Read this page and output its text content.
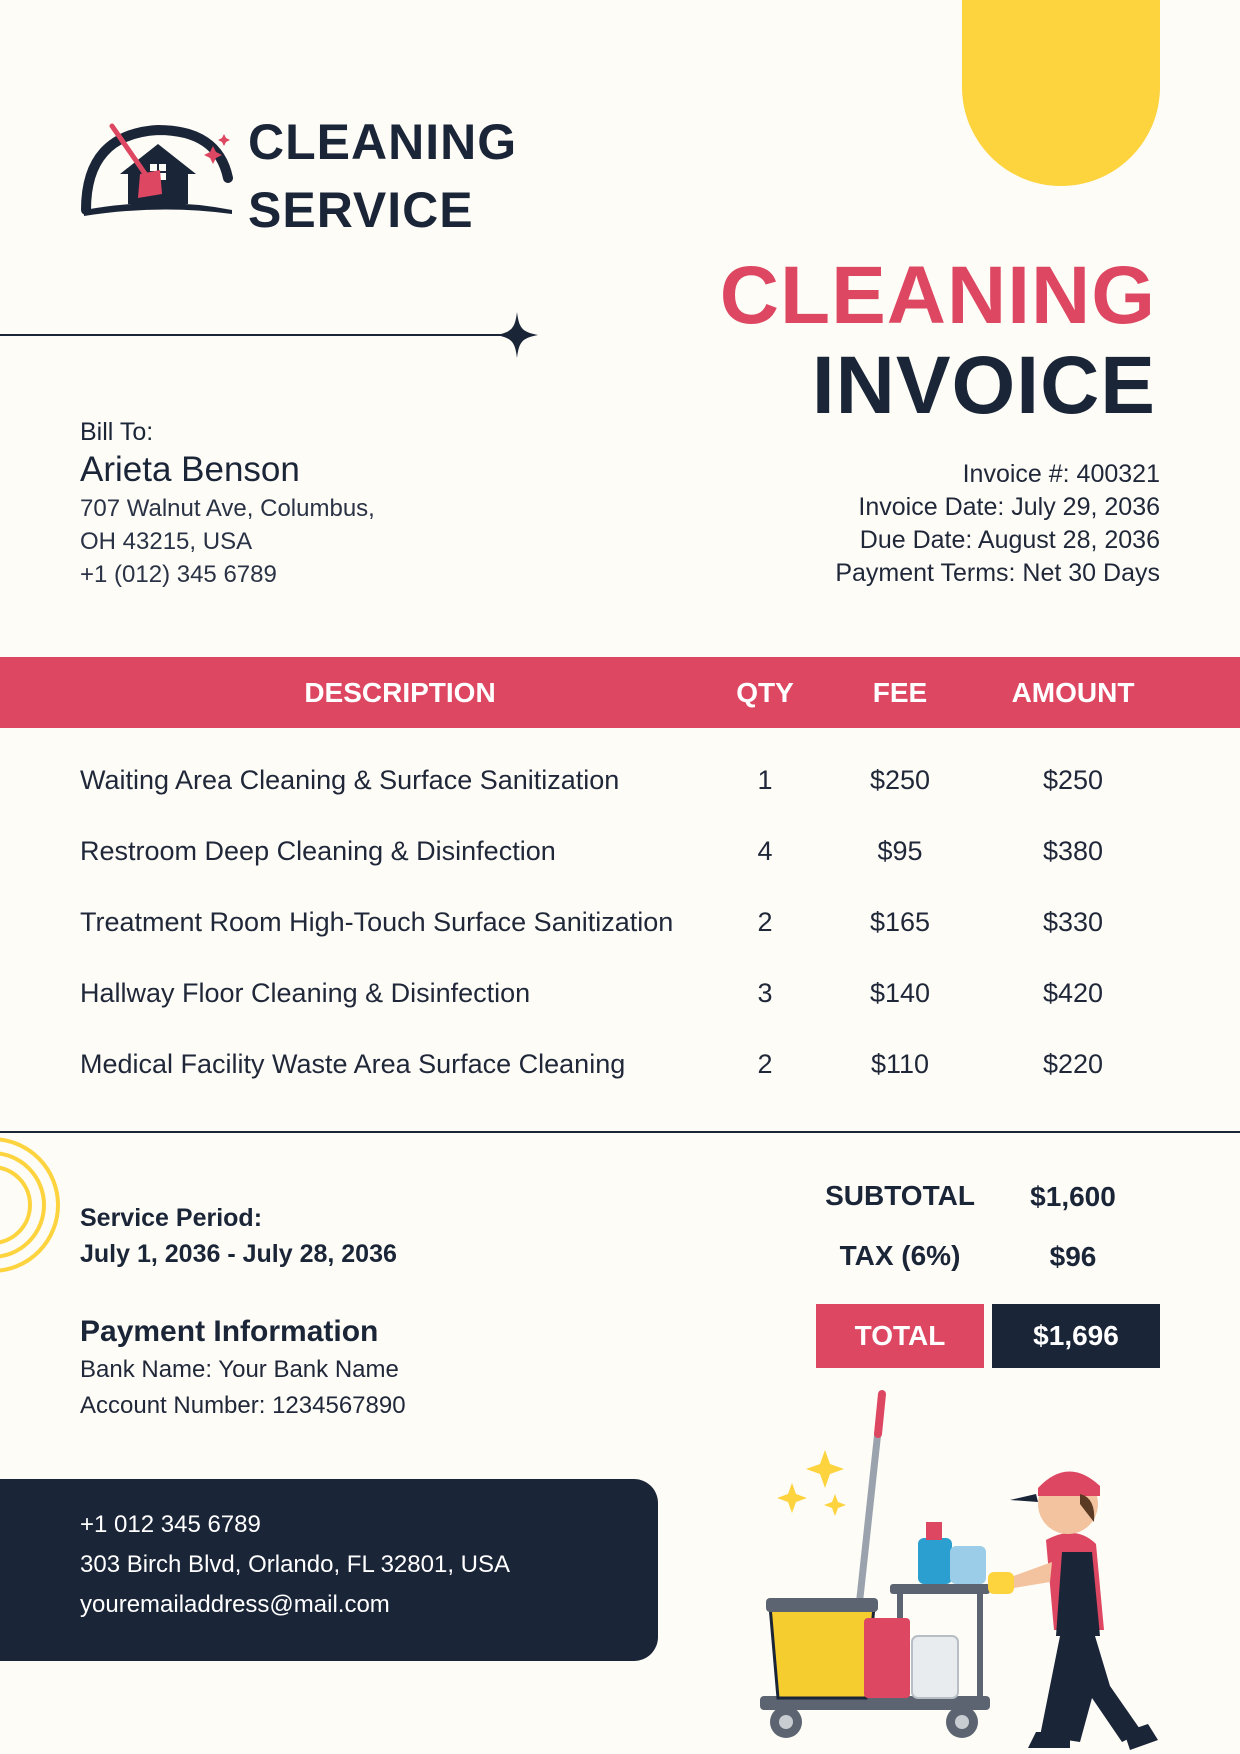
CLEANING
SERVICE
CLEANING
INVOICE
Bill To:
Arieta Benson
707 Walnut Ave, Columbus,
OH 43215, USA
+1 (012) 345 6789
Invoice #: 400321
Invoice Date: July 29, 2036
Due Date: August 28, 2036
Payment Terms: Net 30 Days
DESCRIPTION	QTY	FEE	AMOUNT
Waiting Area Cleaning & Surface Sanitization	1	$250	$250
Restroom Deep Cleaning & Disinfection	4	$95	$380
Treatment Room High-Touch Surface Sanitization	2	$165	$330
Hallway Floor Cleaning & Disinfection	3	$140	$420
Medical Facility Waste Area Surface Cleaning	2	$110	$220
Service Period:
July 1, 2036 - July 28, 2036
Payment Information
Bank Name: Your Bank Name
Account Number: 1234567890
SUBTOTAL	$1,600
TAX (6%)	$96
TOTAL	$1,696
+1 012 345 6789
303 Birch Blvd, Orlando, FL 32801, USA
youremailaddress@mail.com
